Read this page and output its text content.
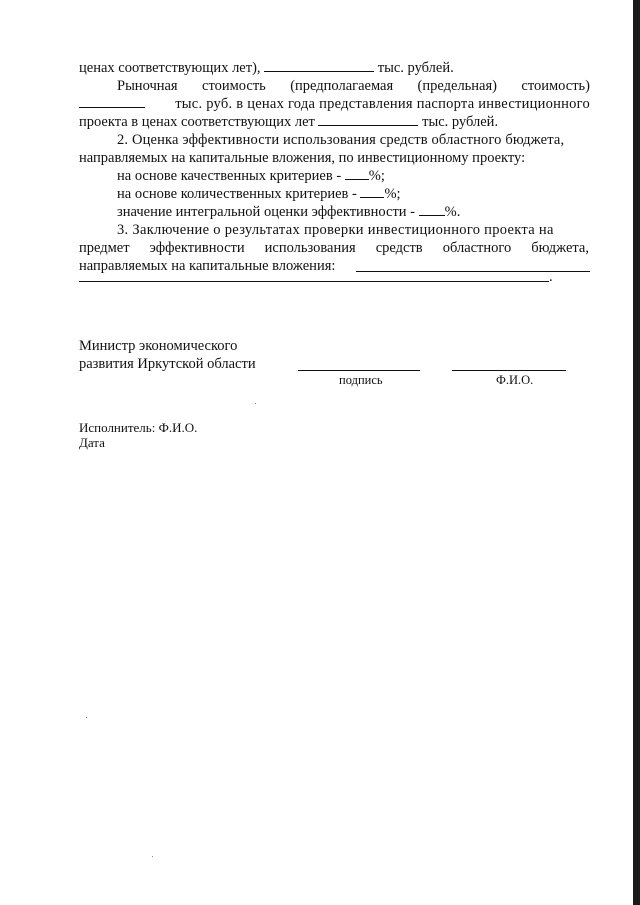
ценах соответствующих лет),	тыс. рублей.
Рыночная стоимость (предполагаемая (предельная) стоимость)
тыс. руб. в ценах года представления паспорта инвестиционного
проекта в ценах соответствующих лет	тыс. рублей.
2. Оценка эффективности использования средств областного бюджета,
направляемых на капитальные вложения, по инвестиционному проекту:
на основе качественных критериев - %;
на основе количественных критериев - %;
значение интегральной оценки эффективности - %.
3. Заключение о результатах проверки инвестиционного проекта на
предмет эффективности использования средств областного бюджета,
направляемых на капитальные вложения:
.
Министр экономического
развития Иркутской области
подпись	Ф.И.О.
Исполнитель: Ф.И.О.
Дата
